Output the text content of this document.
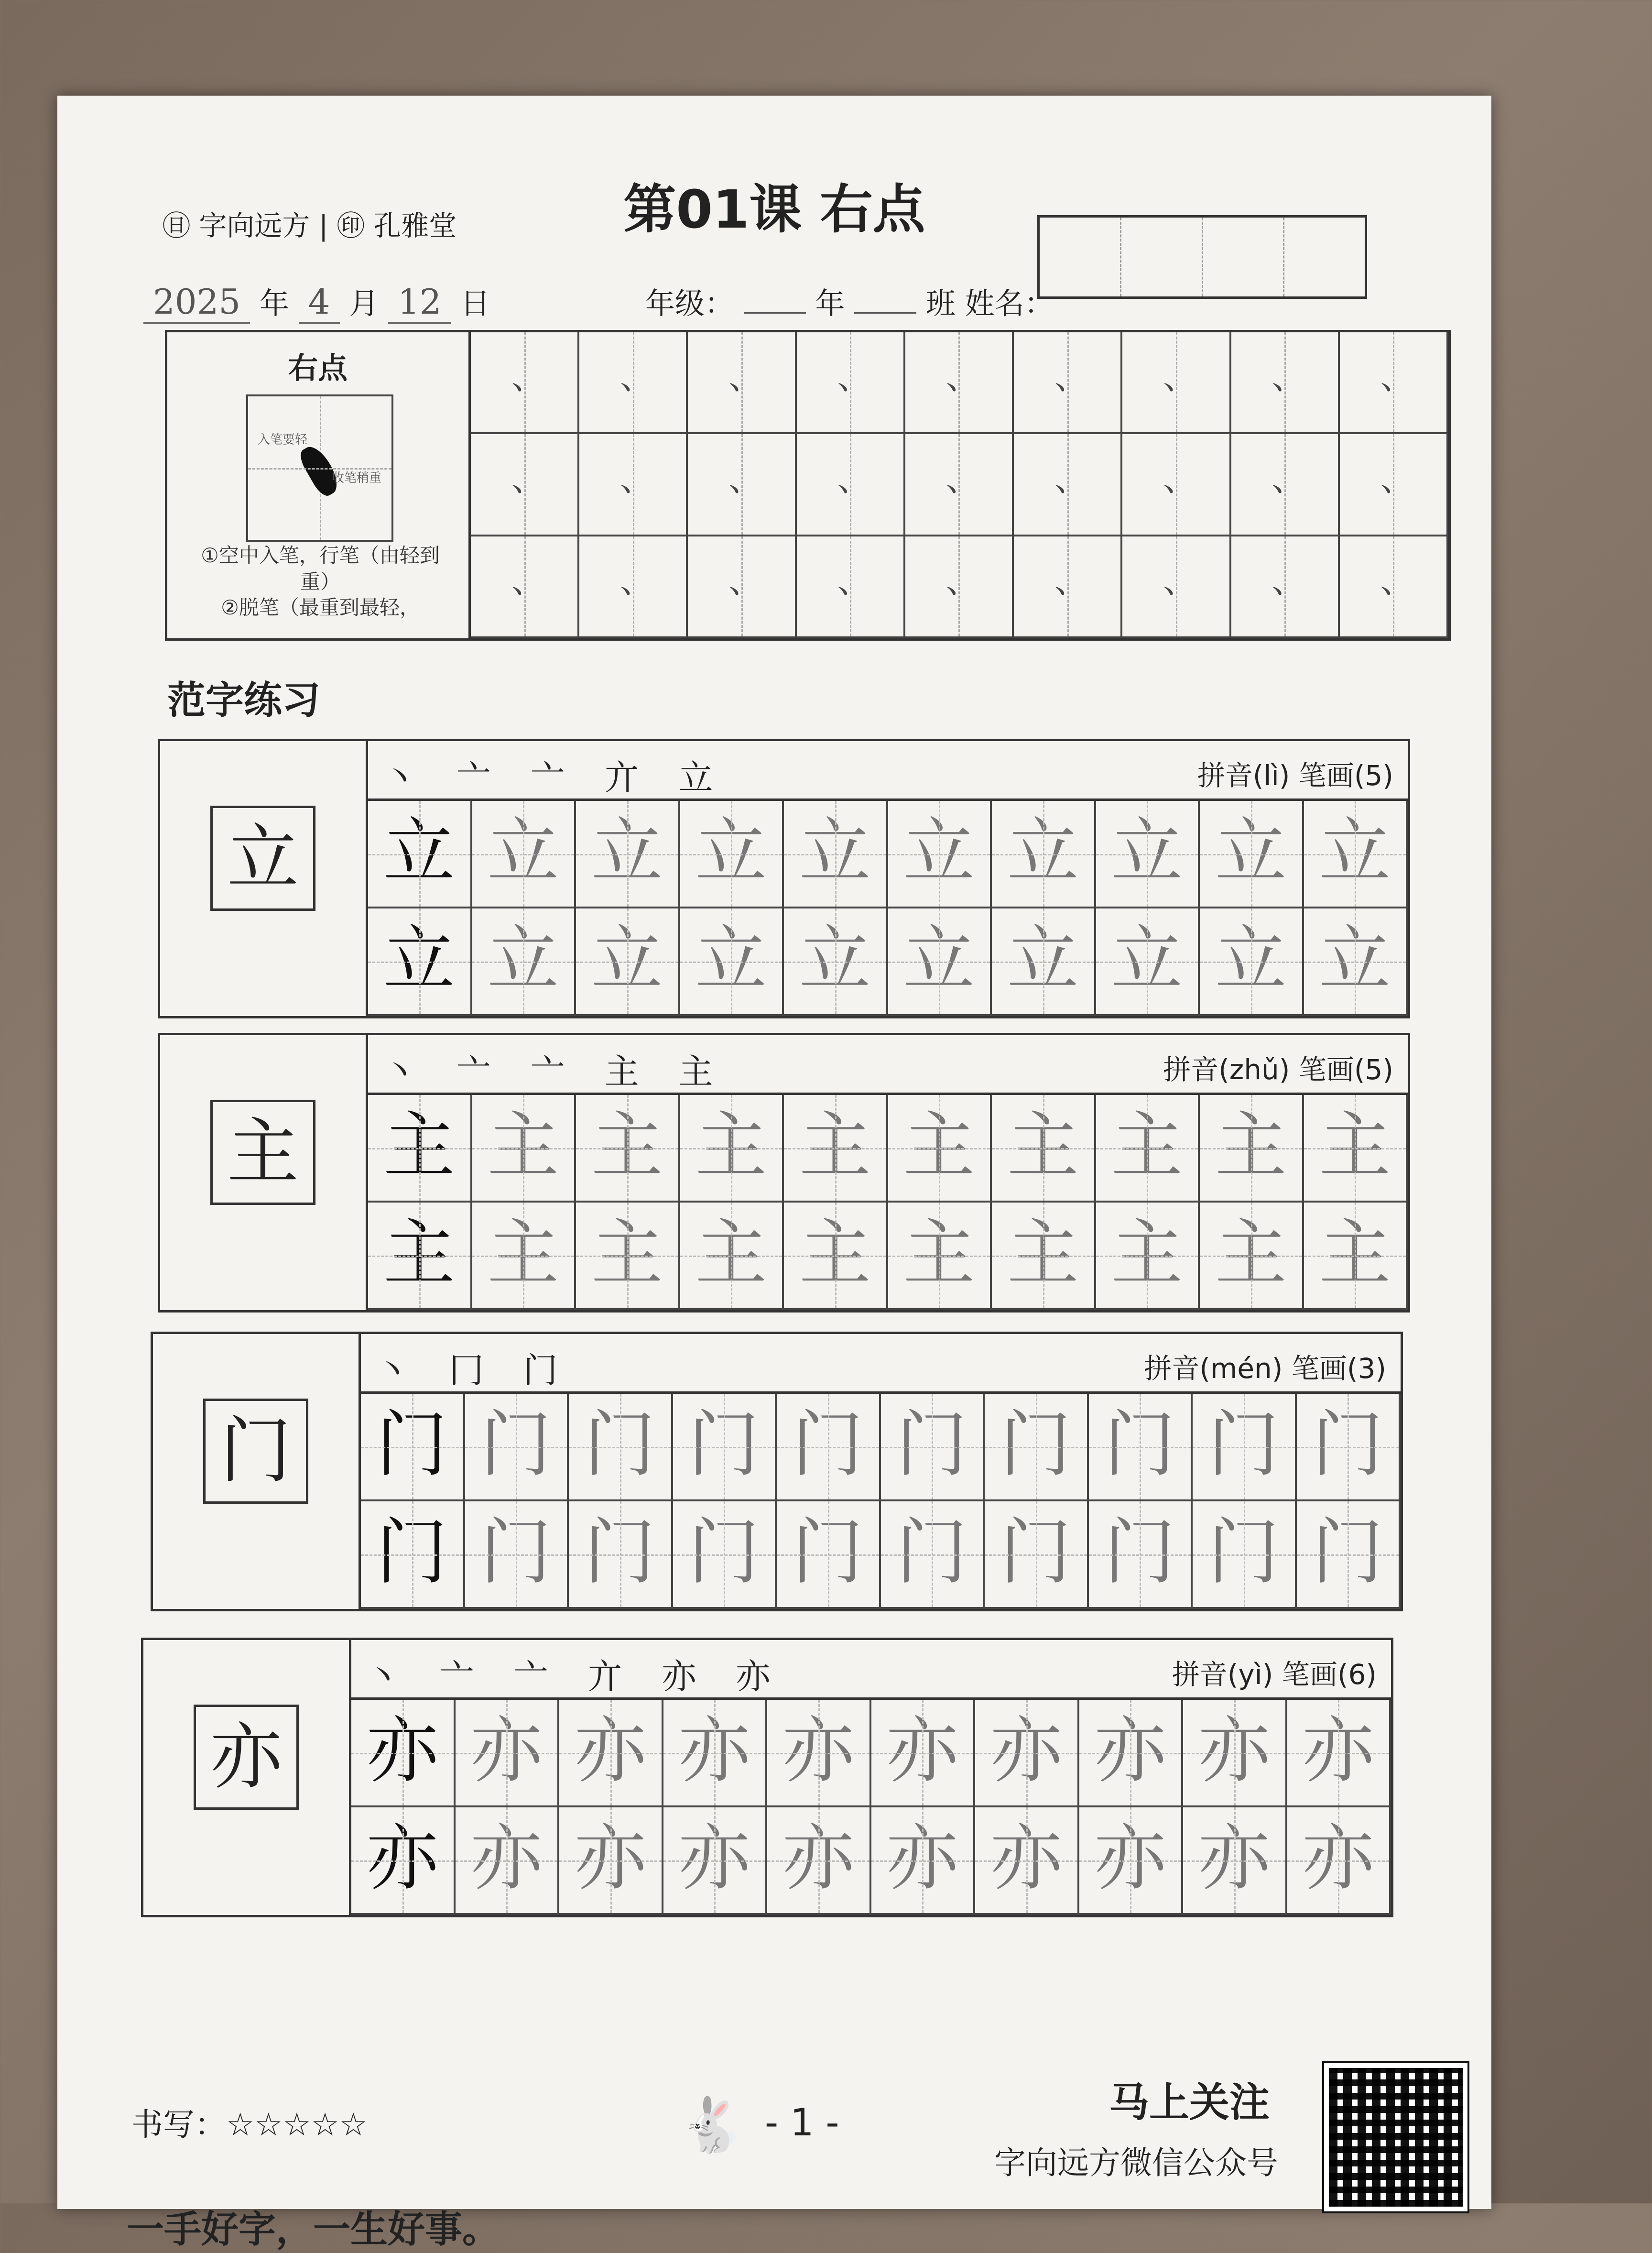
㊐ 字向远方 | ㊞ 孔雅堂	第01课 右点
2025 年 4 月 12 日	年级：	年	班 姓名：
右点
入笔要轻
收笔稍重
①空中入笔，行笔（由轻到重）
②脱笔（最重到最轻，
、
、
、
、
、
、
、
、
、
、
、
、
、
、
、
、
、
、
、
、
、
、
、
、
、
、
、
范字练习
立
丶 亠 亠 亣 立	拼音(lì) 笔画(5)
立 立 立 立 立 立 立 立 立 立
立 立 立 立 立 立 立 立 立 立
主
丶 亠 亠 主 主	拼音(zhǔ) 笔画(5)
主 主 主 主 主 主 主 主 主 主
主 主 主 主 主 主 主 主 主 主
门
丶 冂 门	拼音(mén) 笔画(3)
门 门 门 门 门 门 门 门 门 门
门 门 门 门 门 门 门 门 门 门
亦
丶 亠 亠 亣 亦 亦	拼音(yì) 笔画(6)
亦 亦 亦 亦 亦 亦 亦 亦 亦 亦
亦 亦 亦 亦 亦 亦 亦 亦 亦 亦
书写：☆☆☆☆☆	🐇 - 1 -	马上关注
字向远方微信公众号
一手好字，一生好事。
